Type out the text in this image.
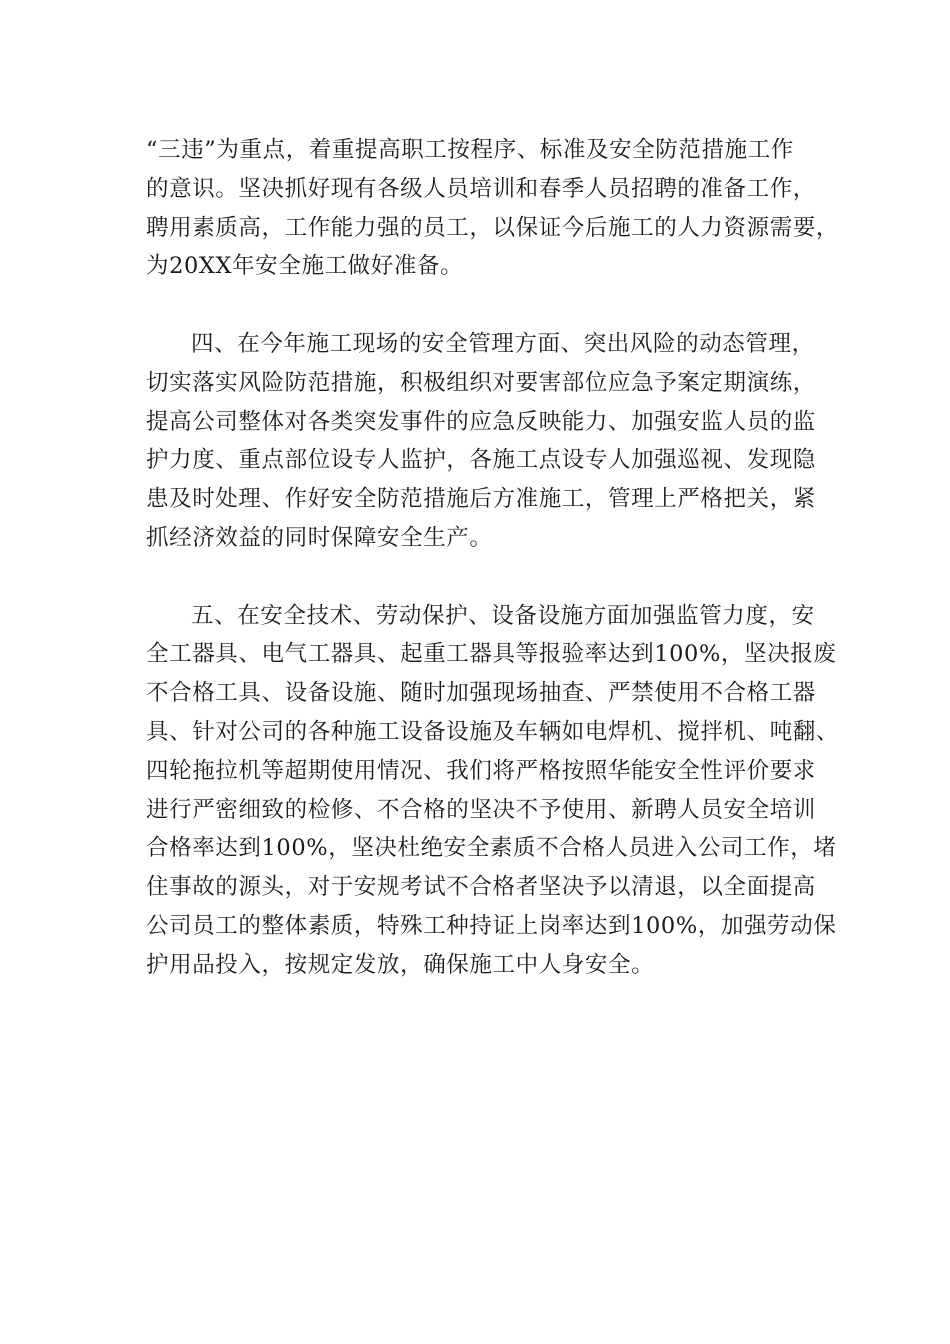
“三违”为重点，着重提高职工按程序、标准及安全防范措施工作
的意识。坚决抓好现有各级人员培训和春季人员招聘的准备工作，
聘用素质高，工作能力强的员工，以保证今后施工的人力资源需要，
为20XX年安全施工做好准备。
四、在今年施工现场的安全管理方面、突出风险的动态管理，
切实落实风险防范措施，积极组织对要害部位应急予案定期演练，
提高公司整体对各类突发事件的应急反映能力、加强安监人员的监
护力度、重点部位设专人监护，各施工点设专人加强巡视、发现隐
患及时处理、作好安全防范措施后方准施工，管理上严格把关，紧
抓经济效益的同时保障安全生产。
五、在安全技术、劳动保护、设备设施方面加强监管力度，安
全工器具、电气工器具、起重工器具等报验率达到100%，坚决报废
不合格工具、设备设施、随时加强现场抽查、严禁使用不合格工器
具、针对公司的各种施工设备设施及车辆如电焊机、搅拌机、吨翻、
四轮拖拉机等超期使用情况、我们将严格按照华能安全性评价要求
进行严密细致的检修、不合格的坚决不予使用、新聘人员安全培训
合格率达到100%，坚决杜绝安全素质不合格人员进入公司工作，堵
住事故的源头，对于安规考试不合格者坚决予以清退，以全面提高
公司员工的整体素质，特殊工种持证上岗率达到100%，加强劳动保
护用品投入，按规定发放，确保施工中人身安全。
